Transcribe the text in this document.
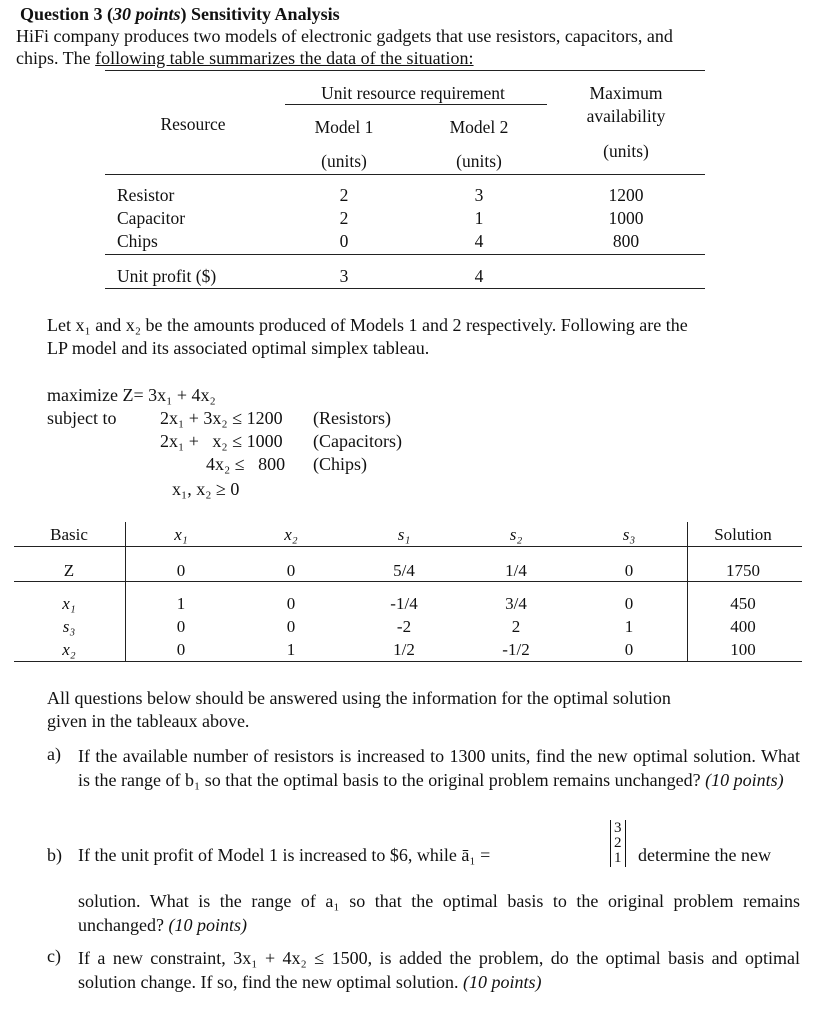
Question 3 (30 points) Sensitivity Analysis
HiFi company produces two models of electronic gadgets that use resistors, capacitors, and
chips. The following table summarizes the data of the situation:
Unit resource requirement	Maximum
availability
(units)
Resource	Model 1	Model 2
(units)	(units)
Resistor	2	3	1200
Capacitor	2	1	1000
Chips	0	4	800
Unit profit ($)	3	4
Let x₁ and x₂ be the amounts produced of Models 1 and 2 respectively. Following are the
LP model and its associated optimal simplex tableau.
maximize Z= 3x₁ + 4x₂
subject to 2x₁ + 3x₂ ≤ 1200 (Resistors)
2x₁ +   x₂ ≤ 1000 (Capacitors)
4x₂ ≤   800 (Chips)
x₁, x₂ ≥ 0
Basic	x₁	x₂	s₁	s₂	s₃	Solution
Z	0	0	5/4	1/4	0	1750
x₁	1	0	-1/4	3/4	0	450
s₃	0	0	-2	2	1	400
x₂	0	1	1/2	-1/2	0	100
All questions below should be answered using the information for the optimal solution
given in the tableaux above.
a) If the available number of resistors is increased to 1300 units, find the new optimal solution. What is the range of b₁ so that the optimal basis to the original problem remains unchanged? (10 points)
b) If the unit profit of Model 1 is increased to $6, while ā₁ =
3
2
1 determine the new
solution. What is the range of a₁ so that the optimal basis to the original problem remains unchanged? (10 points)
c) If a new constraint, 3x₁ + 4x₂ ≤ 1500, is added the problem, do the optimal basis and optimal solution change. If so, find the new optimal solution. (10 points)
